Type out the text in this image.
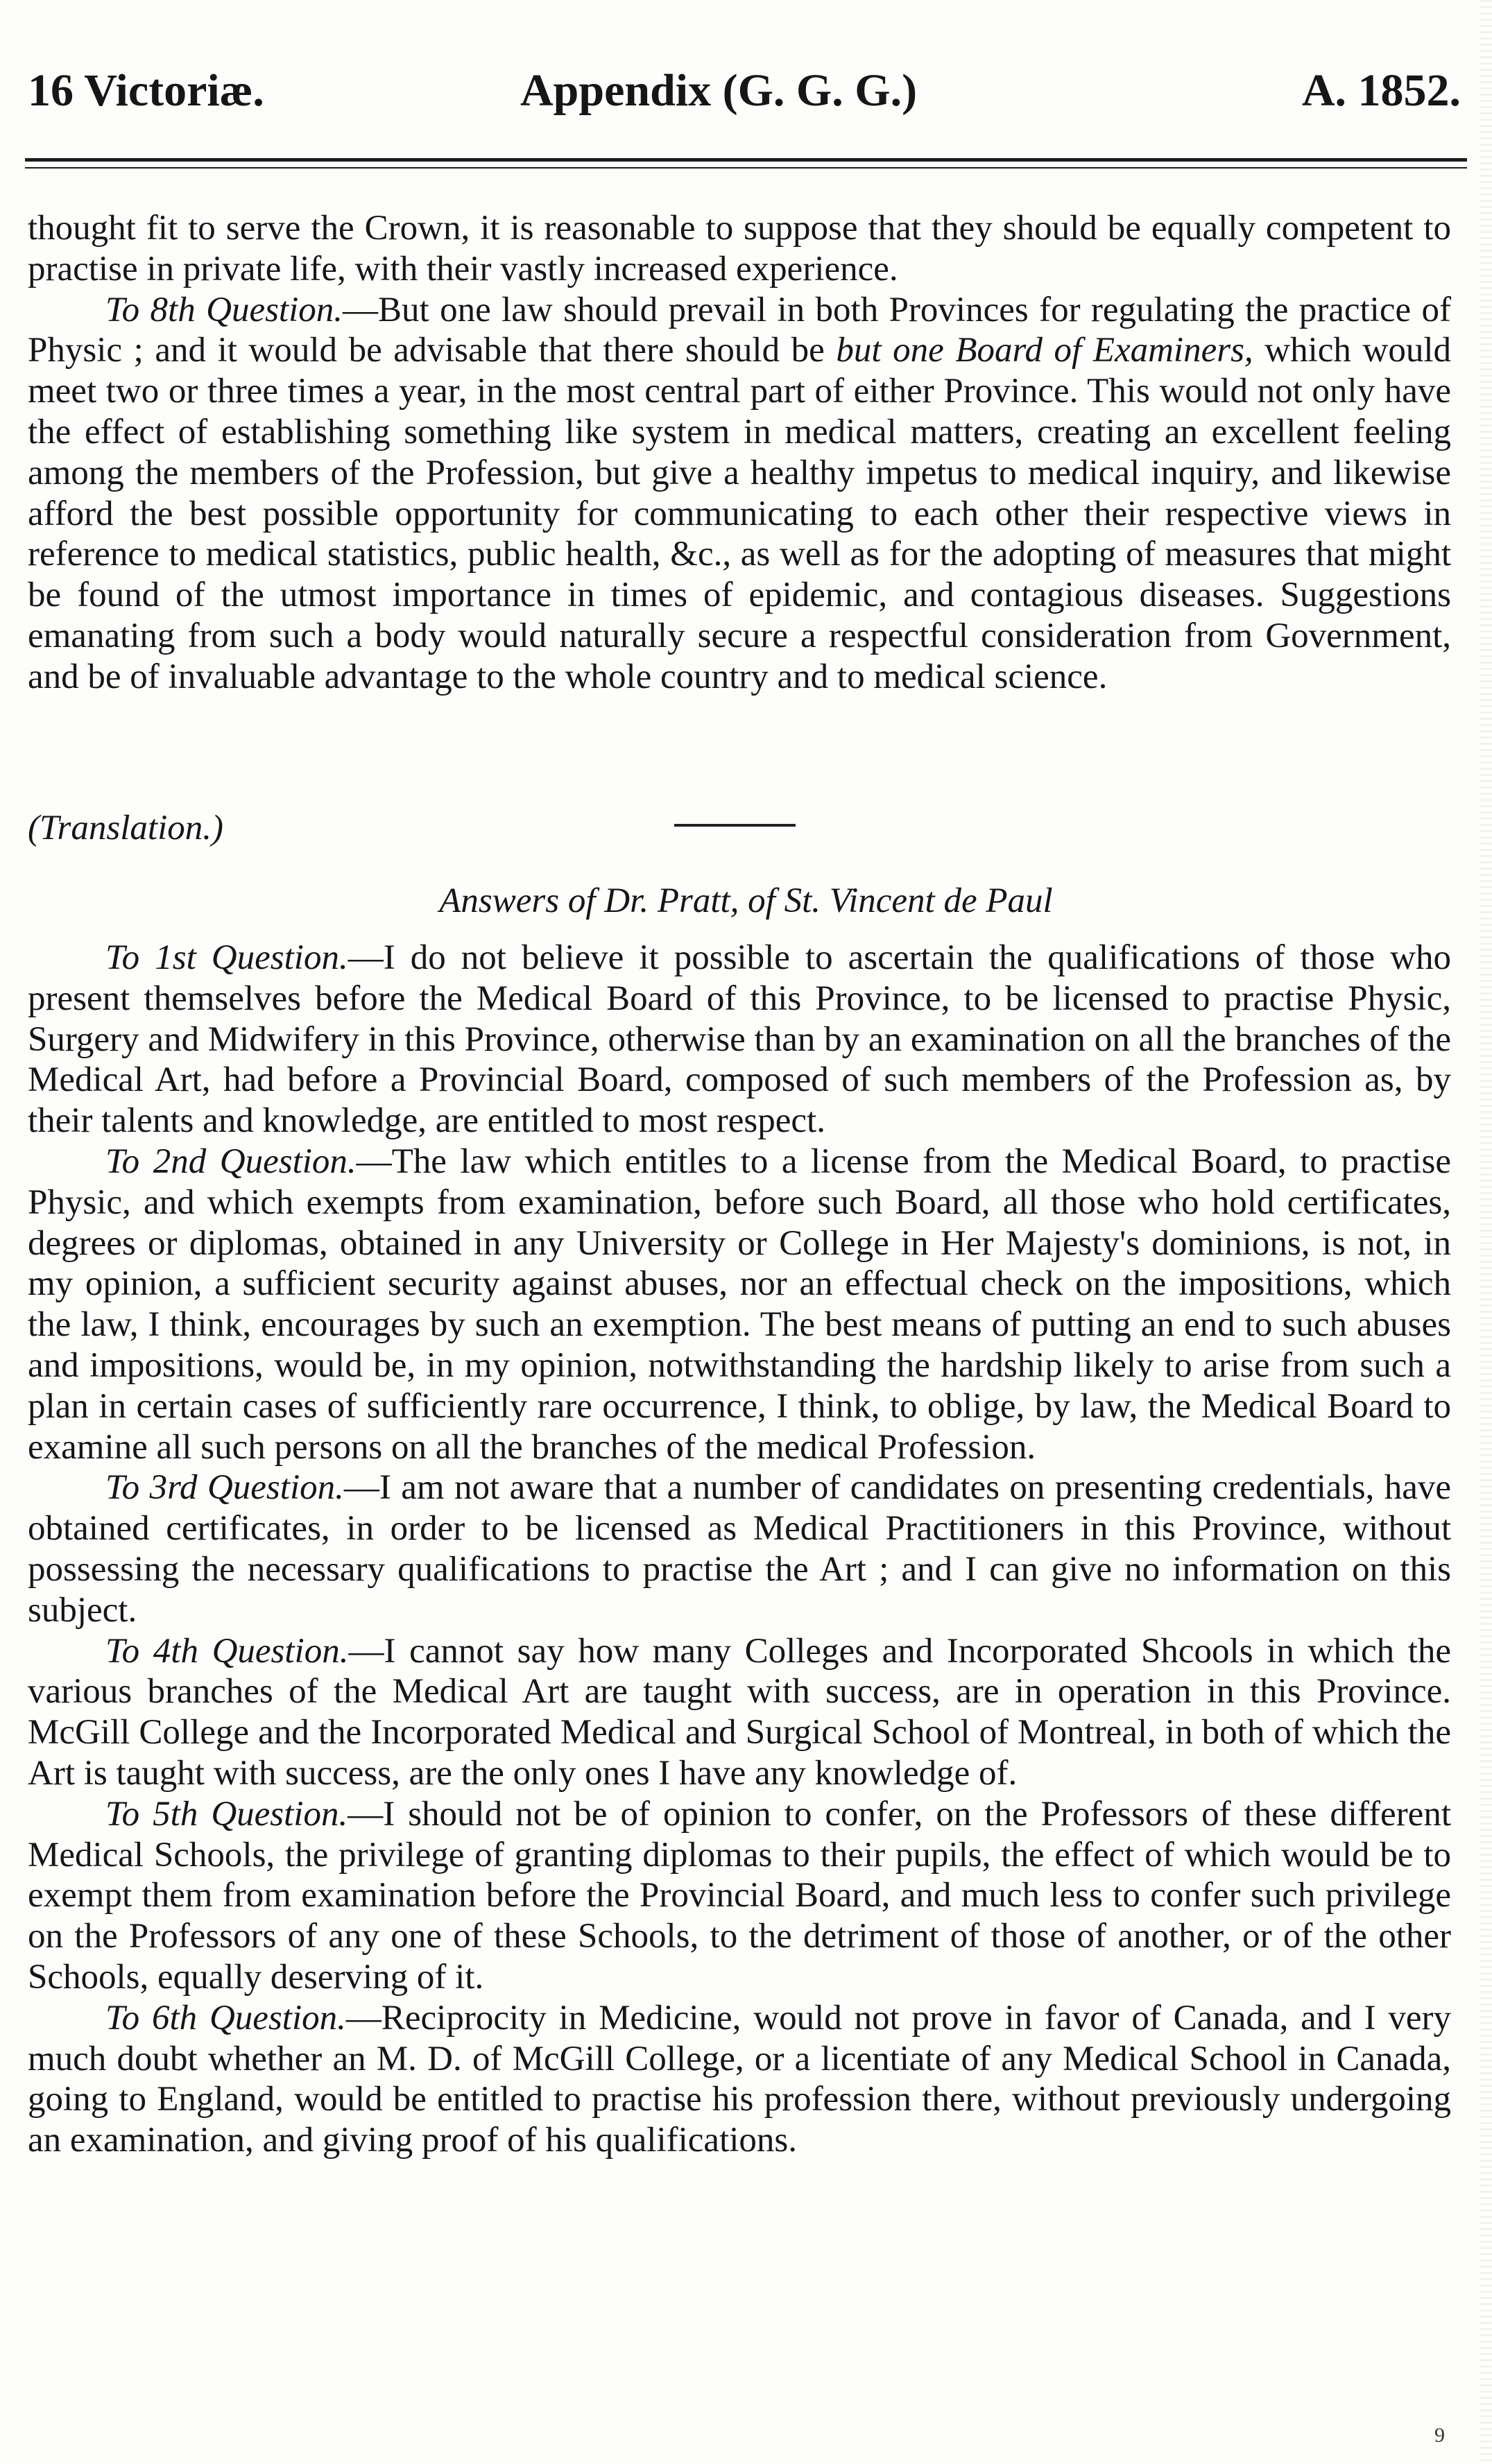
16 Victoriæ.	Appendix (G. G. G.)	A. 1852.

thought fit to serve the Crown, it is reasonable to suppose that they should be equally competent to practise in private life, with their vastly increased experience.

To 8th Question.—But one law should prevail in both Provinces for regulating the practice of Physic ; and it would be advisable that there should be but one Board of Examiners, which would meet two or three times a year, in the most central part of either Province. This would not only have the effect of establishing something like system in medical matters, creating an excellent feeling among the members of the Profession, but give a healthy impetus to medical inquiry, and likewise afford the best possible opportunity for communicating to each other their respective views in reference to medical statistics, public health, &c., as well as for the adopting of measures that might be found of the utmost importance in times of epidemic, and contagious diseases. Suggestions emanating from such a body would naturally secure a respectful consideration from Government, and be of invaluable advantage to the whole country and to medical science.

(Translation.)
Answers of Dr. Pratt, of St. Vincent de Paul

To 1st Question.—I do not believe it possible to ascertain the qualifications of those who present themselves before the Medical Board of this Province, to be licensed to practise Physic, Surgery and Midwifery in this Province, otherwise than by an examination on all the branches of the Medical Art, had before a Provincial Board, composed of such members of the Profession as, by their talents and knowledge, are entitled to most respect.

To 2nd Question.—The law which entitles to a license from the Medical Board, to practise Physic, and which exempts from examination, before such Board, all those who hold certificates, degrees or diplomas, obtained in any University or College in Her Majesty's dominions, is not, in my opinion, a sufficient security against abuses, nor an effectual check on the impositions, which the law, I think, encourages by such an exemption. The best means of putting an end to such abuses and impositions, would be, in my opinion, notwithstanding the hardship likely to arise from such a plan in certain cases of sufficiently rare occurrence, I think, to oblige, by law, the Medical Board to examine all such persons on all the branches of the medical Profession.

To 3rd Question.—I am not aware that a number of candidates on presenting credentials, have obtained certificates, in order to be licensed as Medical Practitioners in this Province, without possessing the necessary qualifications to practise the Art ; and I can give no information on this subject.

To 4th Question.—I cannot say how many Colleges and Incorporated Shcools in which the various branches of the Medical Art are taught with success, are in operation in this Province. McGill College and the Incorporated Medical and Surgical School of Montreal, in both of which the Art is taught with success, are the only ones I have any knowledge of.

To 5th Question.—I should not be of opinion to confer, on the Professors of these different Medical Schools, the privilege of granting diplomas to their pupils, the effect of which would be to exempt them from examination before the Provincial Board, and much less to confer such privilege on the Professors of any one of these Schools, to the detriment of those of another, or of the other Schools, equally deserving of it.

To 6th Question.—Reciprocity in Medicine, would not prove in favor of Canada, and I very much doubt whether an M. D. of McGill College, or a licentiate of any Medical School in Canada, going to England, would be entitled to practise his profession there, without previously undergoing an examination, and giving proof of his qualifications.

9
